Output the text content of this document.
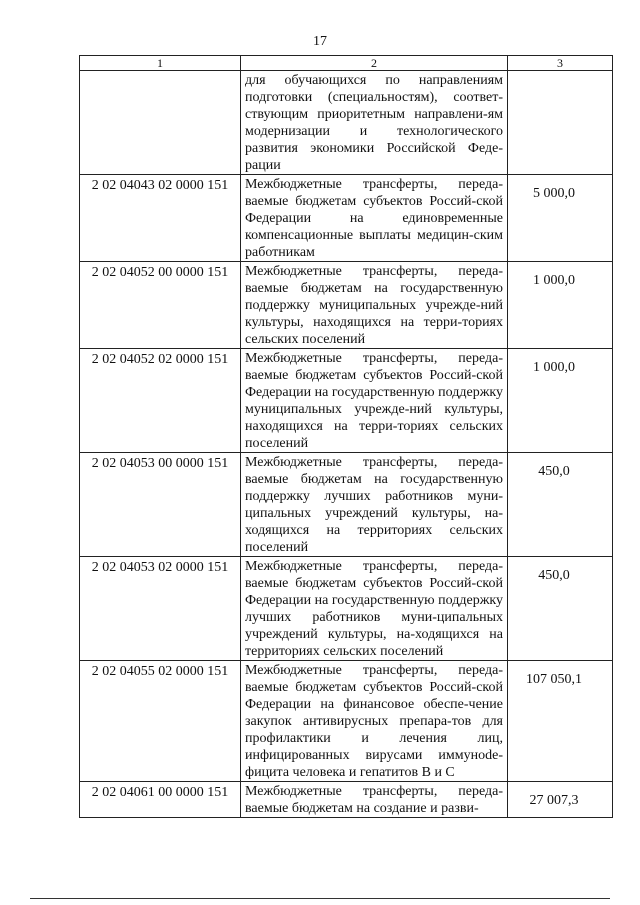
17
1	2	3
	для обучающихся по направлениям подготовки (специальностям), соответ-ствующим приоритетным направлени-ям модернизации и технологического развития экономики Российской Феде-рации	
2 02 04043 02 0000 151	Межбюджетные трансферты, переда-ваемые бюджетам субъектов Россий-ской Федерации на единовременные компенсационные выплаты медицин-ским работникам	5 000,0
2 02 04052 00 0000 151	Межбюджетные трансферты, переда-ваемые бюджетам на государственную поддержку муниципальных учрежде-ний культуры, находящихся на терри-ториях сельских поселений	1 000,0
2 02 04052 02 0000 151	Межбюджетные трансферты, переда-ваемые бюджетам субъектов Россий-ской Федерации на государственную поддержку муниципальных учрежде-ний культуры, находящихся на терри-ториях сельских поселений	1 000,0
2 02 04053 00 0000 151	Межбюджетные трансферты, переда-ваемые бюджетам на государственную поддержку лучших работников муни-ципальных учреждений культуры, на-ходящихся на территориях сельских поселений	450,0
2 02 04053 02 0000 151	Межбюджетные трансферты, переда-ваемые бюджетам субъектов Россий-ской Федерации на государственную поддержку лучших работников муни-ципальных учреждений культуры, на-ходящихся на территориях сельских поселений	450,0
2 02 04055 02 0000 151	Межбюджетные трансферты, переда-ваемые бюджетам субъектов Россий-ской Федерации на финансовое обеспе-чение закупок антивирусных препара-тов для профилактики и лечения лиц, инфицированных вирусами иммунode-фицита человека и гепатитов B и C	107 050,1
2 02 04061 00 0000 151	Межбюджетные трансферты, переда-ваемые бюджетам на создание и разви-	27 007,3
